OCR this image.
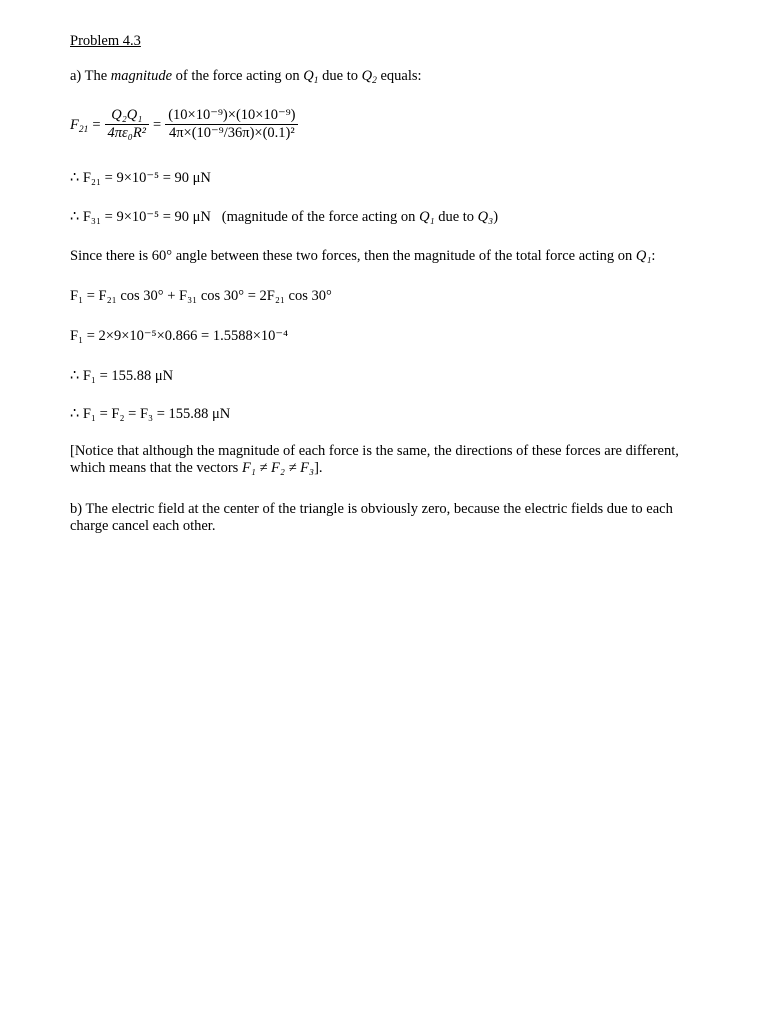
Problem 4.3
a) The magnitude of the force acting on $Q_1$ due to $Q_2$ equals:
$F_{21} = \frac{\text{Q₂Q₁}}{\text{4πε₀R²}} = \frac{\text{(10×10⁻⁹)×(10×10⁻⁹)}}{\text{4π×(10⁻⁹/36π)×(0.1)²}}$
∴ F₂₁ = 9×10⁻⁵ = 90 μN
∴ F₃₁ = 9×10⁻⁵ = 90 μN (magnitude of the force acting on Q₁ due to Q₃)
Since there is 60° angle between these two forces, then the magnitude of the total force acting on Q₁:
F₁ = F₂₁ cos 30° + F₃₁ cos 30° = 2F₂₁ cos 30°
F₁ = 2×9×10⁻⁵×0.866 = 1.5588×10⁻⁴
∴ F₁ = 155.88 μN
∴ F₁ = F₂ = F₃ = 155.88 μN
[Notice that although the magnitude of each force is the same, the directions of these forces are different,
which means that the vectors F₁ ≠ F₂ ≠ F₃].
b) The electric field at the center of the triangle is obviously zero, because the electric fields due to each
charge cancel each other.
